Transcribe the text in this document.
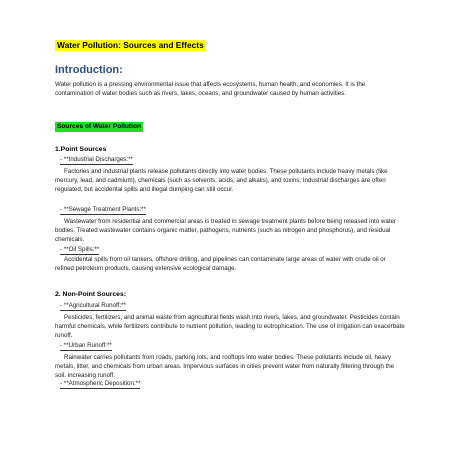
Water Pollution: Sources and Effects
Introduction:
Water pollution is a pressing environmental issue that affects ecosystems, human health, and economies. It is the contamination of water bodies such as rivers, lakes, oceans, and groundwater caused by human activities.
Sources of Water Pollution
1.Point Sources
- **Industrial Discharges:**
Factories and industrial plants release pollutants directly into water bodies. These pollutants include heavy metals (like mercury, lead, and cadmium), chemicals (such as solvents, acids, and alkalis), and toxins. Industrial discharges are often regulated, but accidental spills and illegal dumping can still occur.
- **Sewage Treatment Plants:**
Wastewater from residential and commercial areas is treated in sewage treatment plants before being released into water bodies. Treated wastewater contains organic matter, pathogens, nutrients (such as nitrogen and phosphorus), and residual chemicals.
- **Oil Spills:**
Accidental spills from oil tankers, offshore drilling, and pipelines can contaminate large areas of water with crude oil or refined petroleum products, causing extensive ecological damage.
2. Non-Point Sources:
- **Agricultural Runoff:**
Pesticides, fertilizers, and animal waste from agricultural fields wash into rivers, lakes, and groundwater. Pesticides contain harmful chemicals, while fertilizers contribute to nutrient pollution, leading to eutrophication. The use of irrigation can exacerbate runoff.
- **Urban Runoff:**
Rainwater carries pollutants from roads, parking lots, and rooftops into water bodies. These pollutants include oil, heavy metals, litter, and chemicals from urban areas. Impervious surfaces in cities prevent water from naturally filtering through the soil, increasing runoff.
- **Atmospheric Deposition:**
